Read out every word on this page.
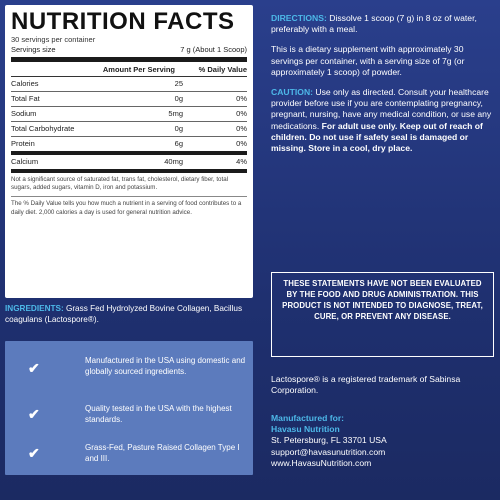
NUTRITION FACTS
30 servings per container
Servings size	7 g (About 1 Scoop)
Amount Per Serving	% Daily Value
Calories	25
Total Fat	0g	0%
Sodium	5mg	0%
Total Carbohydrate	0g	0%
Protein	6g	0%
Calcium	40mg	4%
Not a significant source of saturated fat, trans fat, cholesterol, dietary fiber, total sugars, added sugars, vitamin D, iron and potassium.
The % Daily Value tells you how much a nutrient in a serving of food contributes to a daily diet. 2,000 calories a day is used for general nutrition advice.
INGREDIENTS: Grass Fed Hydrolyzed Bovine Collagen, Bacillus coagulans (Lactospore®).
✔	Manufactured in the USA using domestic and globally sourced ingredients.
✔	Quality tested in the USA with the highest standards.
✔	Grass-Fed, Pasture Raised Collagen Type I and III.
DIRECTIONS: Dissolve 1 scoop (7 g) in 8 oz of water, preferably with a meal.
This is a dietary supplement with approximately 30 servings per container, with a serving size of 7g (or approximately 1 scoop) of powder.
CAUTION: Use only as directed. Consult your healthcare provider before use if you are contemplating pregnancy, pregnant, nursing, have any medical condition, or use any medications. For adult use only. Keep out of reach of children. Do not use if safety seal is damaged or missing. Store in a cool, dry place.
THESE STATEMENTS HAVE NOT BEEN EVALUATED BY THE FOOD AND DRUG ADMINISTRATION. THIS PRODUCT IS NOT INTENDED TO DIAGNOSE, TREAT, CURE, OR PREVENT ANY DISEASE.
Lactospore® is a registered trademark of Sabinsa Corporation.
Manufactured for:
Havasu Nutrition
St. Petersburg, FL 33701 USA
support@havasunutrition.com
www.HavasuNutrition.com
